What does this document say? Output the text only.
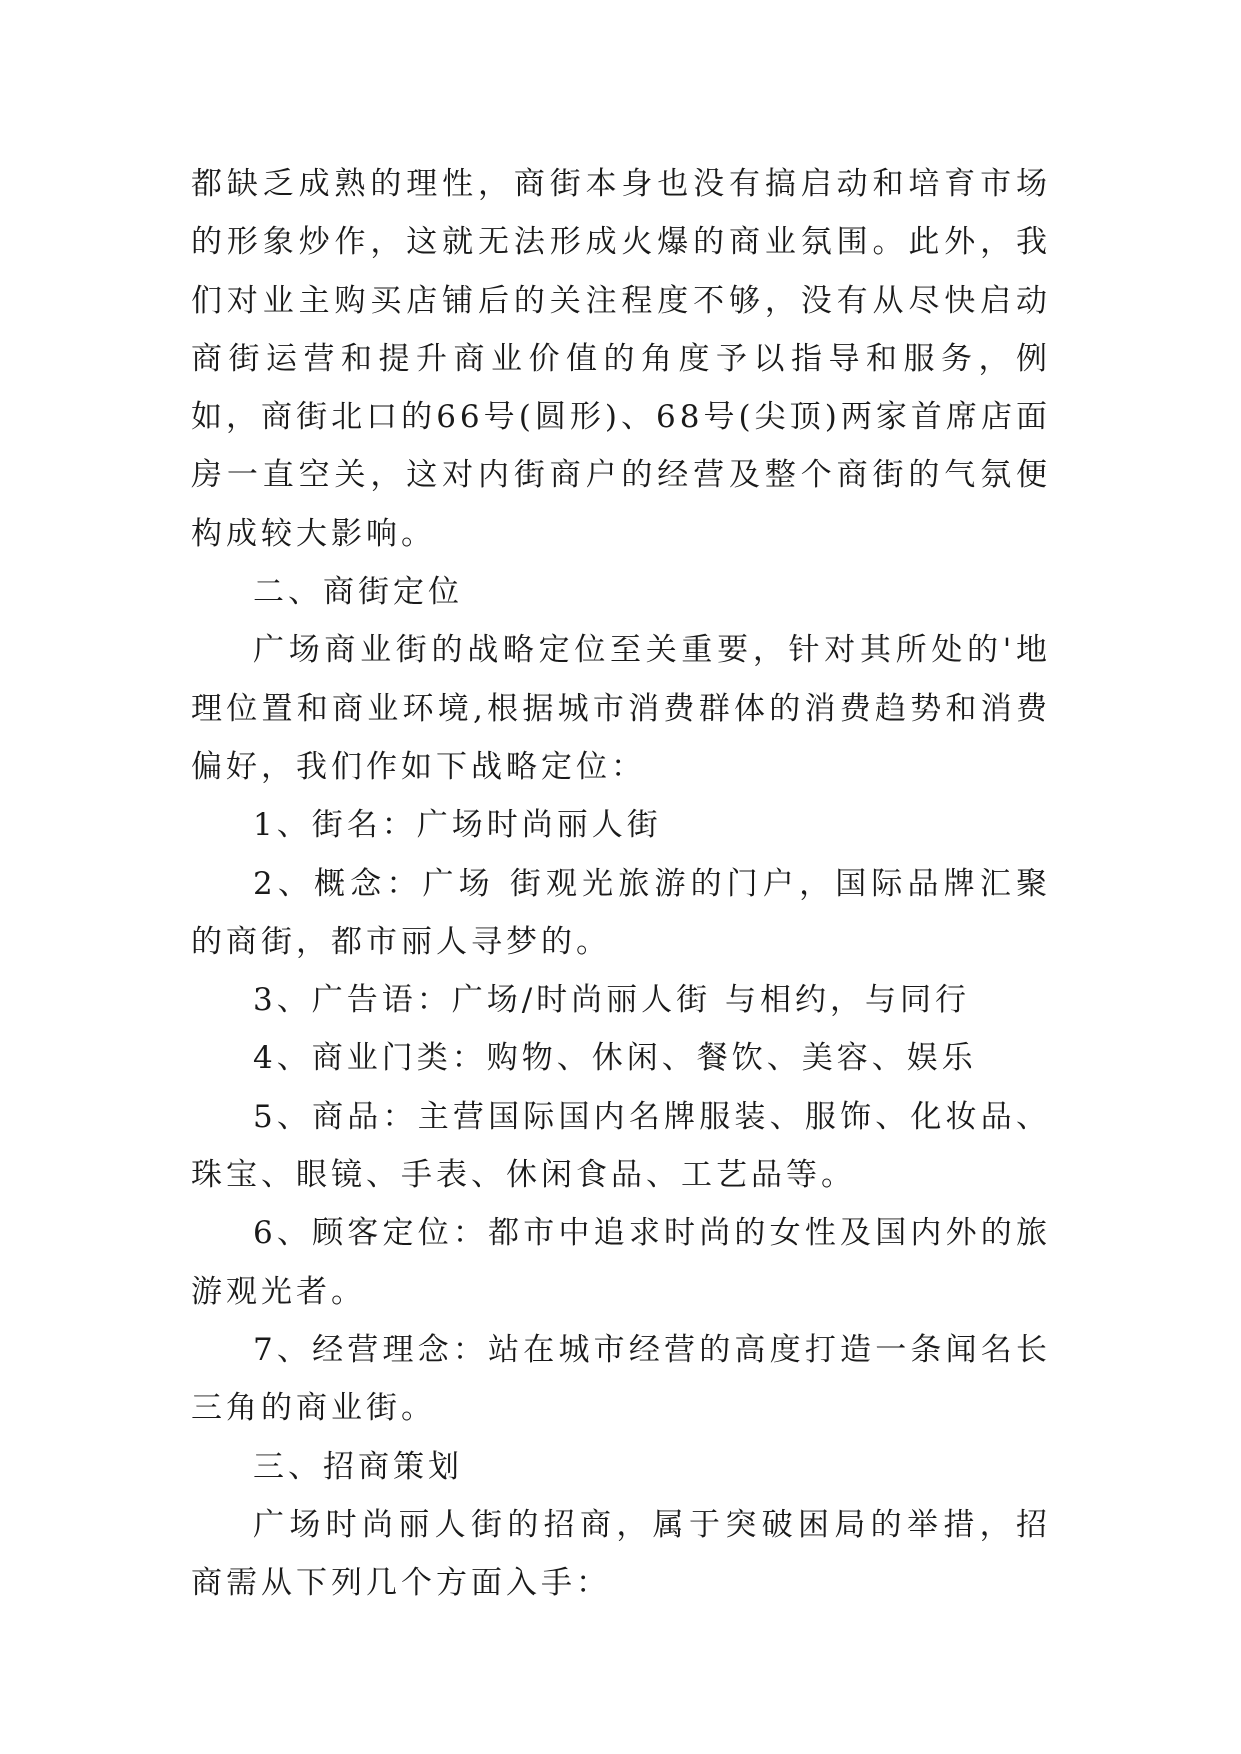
都缺乏成熟的理性，商街本身也没有搞启动和培育市场的形象炒作，这就无法形成火爆的商业氛围。此外，我们对业主购买店铺后的关注程度不够，没有从尽快启动商街运营和提升商业价值的角度予以指导和服务，例如，商街北口的66号(圆形)、68号(尖顶)两家首席店面房一直空关，这对内街商户的经营及整个商街的气氛便构成较大影响。

二、商街定位

广场商业街的战略定位至关重要，针对其所处的'地理位置和商业环境,根据城市消费群体的消费趋势和消费偏好，我们作如下战略定位：

1、街名：广场时尚丽人街

2、概念：广场 街观光旅游的门户，国际品牌汇聚的商街，都市丽人寻梦的。

3、广告语：广场/时尚丽人街 与相约，与同行

4、商业门类：购物、休闲、餐饮、美容、娱乐

5、商品：主营国际国内名牌服装、服饰、化妆品、珠宝、眼镜、手表、休闲食品、工艺品等。

6、顾客定位：都市中追求时尚的女性及国内外的旅游观光者。

7、经营理念：站在城市经营的高度打造一条闻名长三角的商业街。

三、招商策划

广场时尚丽人街的招商，属于突破困局的举措，招商需从下列几个方面入手：
